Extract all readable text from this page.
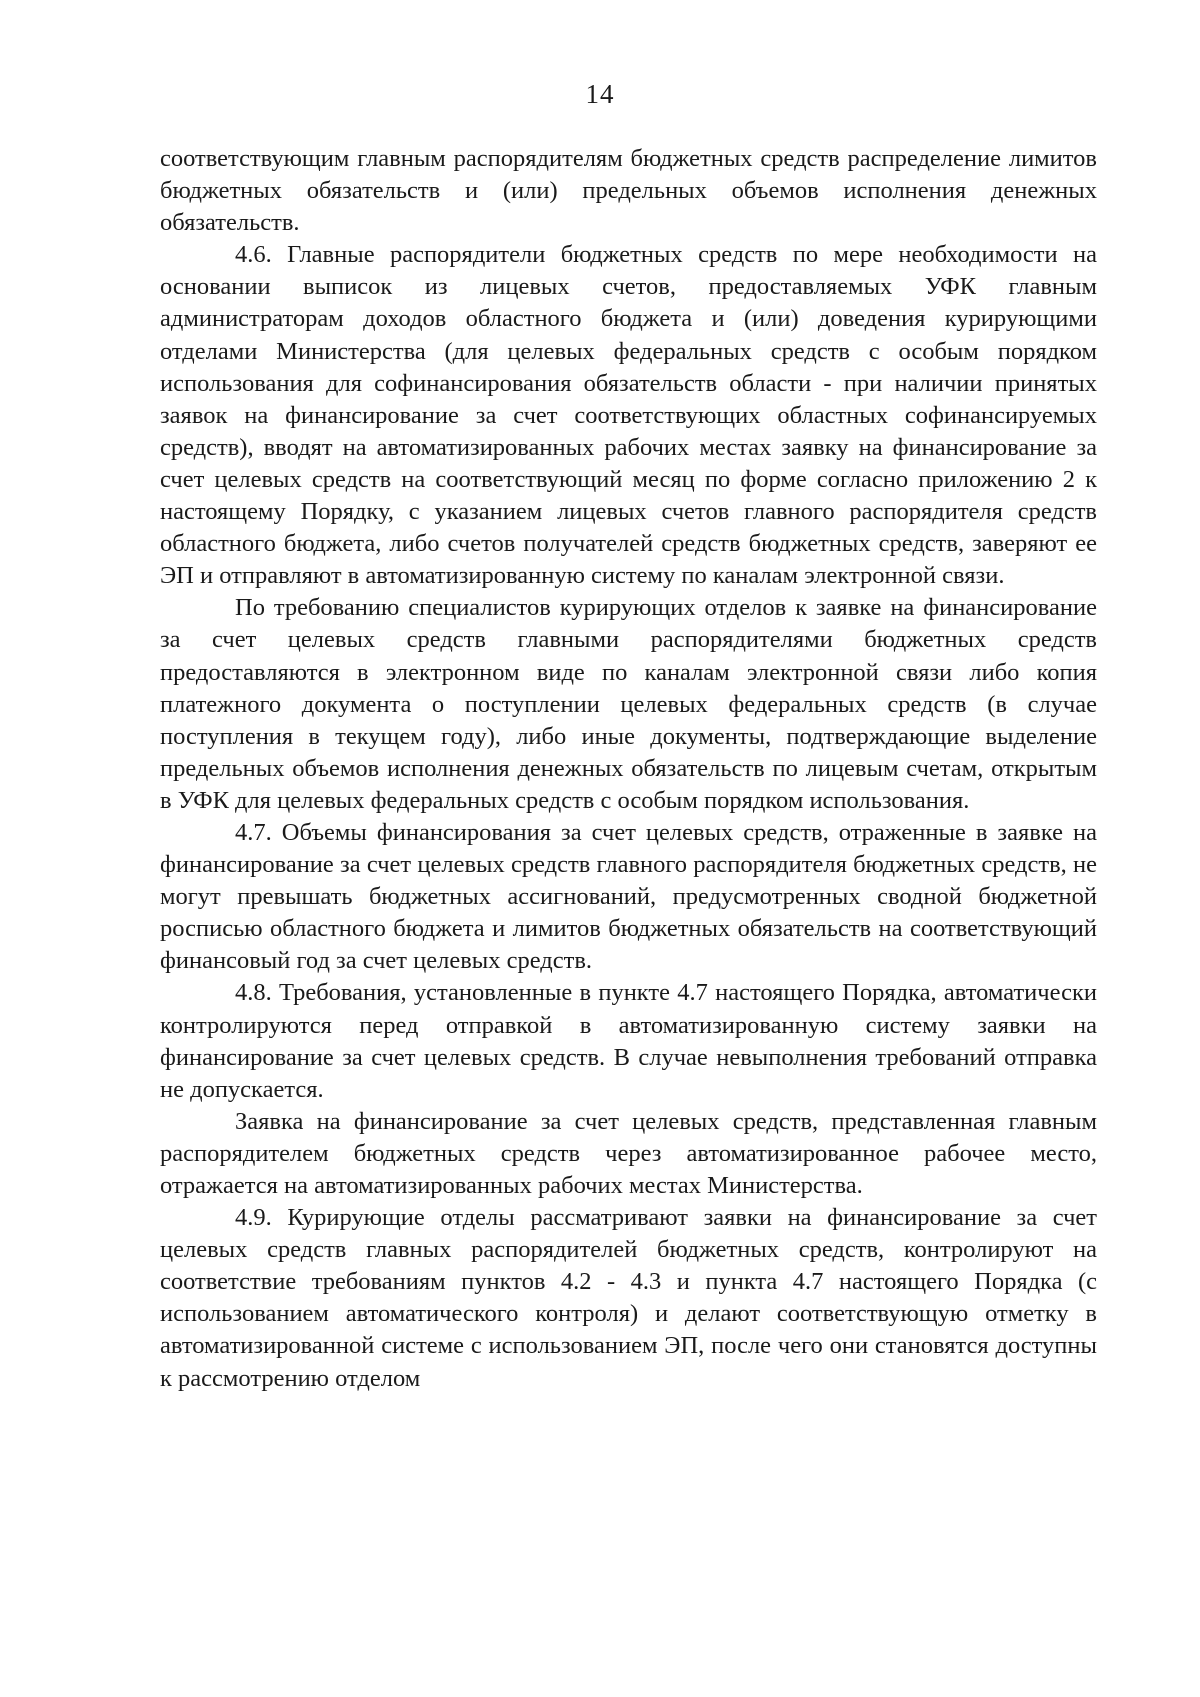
14

соответствующим главным распорядителям бюджетных средств распределение лимитов бюджетных обязательств и (или) предельных объемов исполнения денежных обязательств.

4.6. Главные распорядители бюджетных средств по мере необходимости на основании выписок из лицевых счетов, предоставляемых УФК главным администраторам доходов областного бюджета и (или) доведения курирующими отделами Министерства (для целевых федеральных средств с особым порядком использования для софинансирования обязательств области - при наличии принятых заявок на финансирование за счет соответствующих областных софинансируемых средств), вводят на автоматизированных рабочих местах заявку на финансирование за счет целевых средств на соответствующий месяц по форме согласно приложению 2 к настоящему Порядку, с указанием лицевых счетов главного распорядителя средств областного бюджета, либо счетов получателей средств бюджетных средств, заверяют ее ЭП и отправляют в автоматизированную систему по каналам электронной связи.

По требованию специалистов курирующих отделов к заявке на финансирование за счет целевых средств главными распорядителями бюджетных средств предоставляются в электронном виде по каналам электронной связи либо копия платежного документа о поступлении целевых федеральных средств (в случае поступления в текущем году), либо иные документы, подтверждающие выделение предельных объемов исполнения денежных обязательств по лицевым счетам, открытым в УФК для целевых федеральных средств с особым порядком использования.

4.7. Объемы финансирования за счет целевых средств, отраженные в заявке на финансирование за счет целевых средств главного распорядителя бюджетных средств, не могут превышать бюджетных ассигнований, предусмотренных сводной бюджетной росписью областного бюджета и лимитов бюджетных обязательств на соответствующий финансовый год за счет целевых средств.

4.8. Требования, установленные в пункте 4.7 настоящего Порядка, автоматически контролируются перед отправкой в автоматизированную систему заявки на финансирование за счет целевых средств. В случае невыполнения требований отправка не допускается.

Заявка на финансирование за счет целевых средств, представленная главным распорядителем бюджетных средств через автоматизированное рабочее место, отражается на автоматизированных рабочих местах Министерства.

4.9. Курирующие отделы рассматривают заявки на финансирование за счет целевых средств главных распорядителей бюджетных средств, контролируют на соответствие требованиям пунктов 4.2 - 4.3 и пункта 4.7 настоящего Порядка (с использованием автоматического контроля) и делают соответствующую отметку в автоматизированной системе с использованием ЭП, после чего они становятся доступны к рассмотрению отделом
